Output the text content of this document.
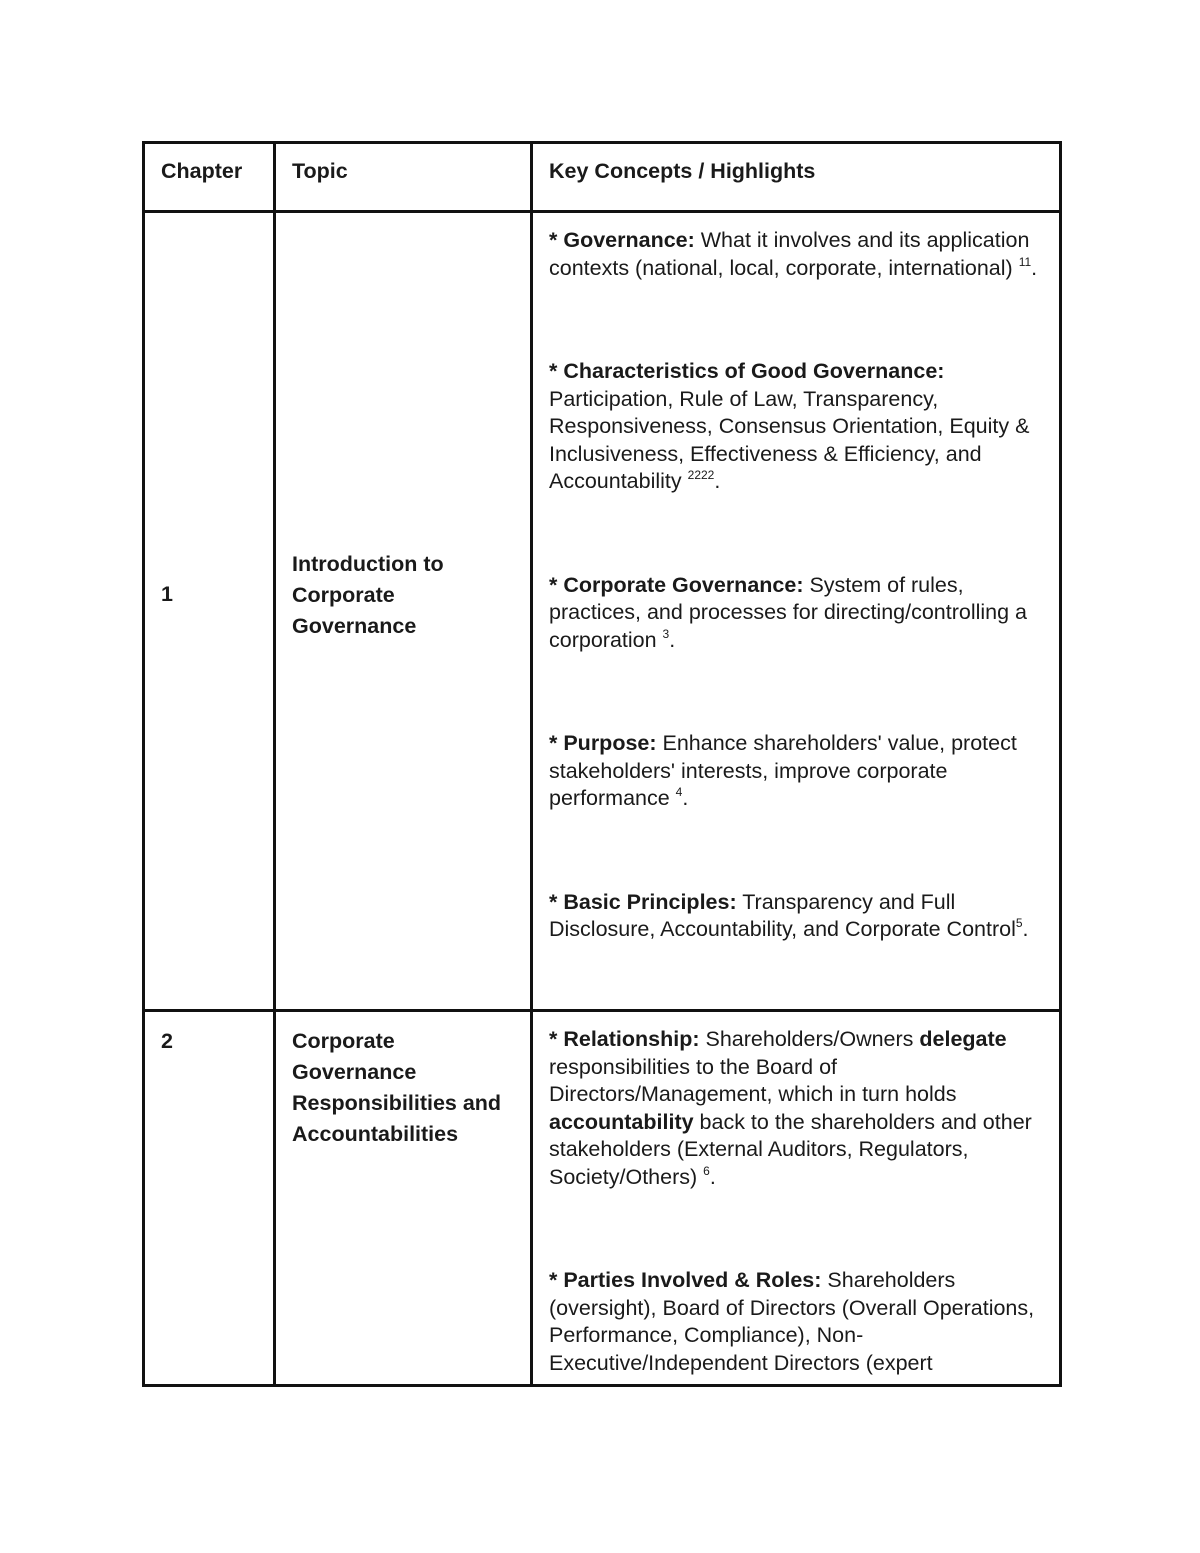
Chapter	Topic	Key Concepts / Highlights
1	Introduction to Corporate Governance	* Governance: What it involves and its application contexts (national, local, corporate, international) $^{11}$.

* Characteristics of Good Governance: Participation, Rule of Law, Transparency, Responsiveness, Consensus Orientation, Equity & Inclusiveness, Effectiveness & Efficiency, and Accountability $^{2222}$.

* Corporate Governance: System of rules, practices, and processes for directing/controlling a corporation $^3$.

* Purpose: Enhance shareholders' value, protect stakeholders' interests, improve corporate performance $^4$.

* Basic Principles: Transparency and Full Disclosure, Accountability, and Corporate Control$^5$.

2	Corporate Governance Responsibilities and Accountabilities	* Relationship: Shareholders/Owners delegate responsibilities to the Board of Directors/Management, which in turn holds accountability back to the shareholders and other stakeholders (External Auditors, Regulators, Society/Others) $^6$.

* Parties Involved & Roles: Shareholders (oversight), Board of Directors (Overall Operations, Performance, Compliance), Non-Executive/Independent Directors (expert
